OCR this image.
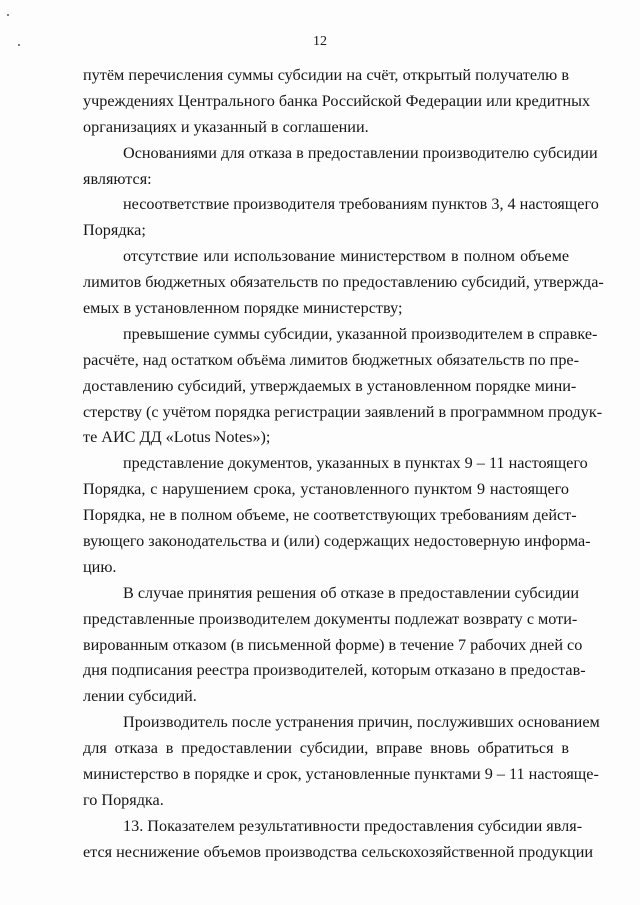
12
путём перечисления суммы субсидии на счёт, открытый получателю в
учреждениях Центрального банка Российской Федерации или кредитных
организациях и указанный в соглашении.
Основаниями для отказа в предоставлении производителю субсидии
являются:
несоответствие производителя требованиям пунктов 3, 4 настоящего
Порядка;
отсутствие или использование министерством в полном объеме
лимитов бюджетных обязательств по предоставлению субсидий, утвержда-
емых в установленном порядке министерству;
превышение суммы субсидии, указанной производителем в справке-
расчёте, над остатком объёма лимитов бюджетных обязательств по пре-
доставлению субсидий, утверждаемых в установленном порядке мини-
стерству (с учётом порядка регистрации заявлений в программном продук-
те АИС ДД «Lotus Notes»);
представление документов, указанных в пунктах 9 – 11 настоящего
Порядка, с нарушением срока, установленного пунктом 9 настоящего
Порядка, не в полном объеме, не соответствующих требованиям дейст-
вующего законодательства и (или) содержащих недостоверную информа-
цию.
В случае принятия решения об отказе в предоставлении субсидии
представленные производителем документы подлежат возврату с моти-
вированным отказом (в письменной форме) в течение 7 рабочих дней со
дня подписания реестра производителей, которым отказано в предостав-
лении субсидий.
Производитель после устранения причин, послуживших основанием
для отказа в предоставлении субсидии, вправе вновь обратиться в
министерство в порядке и срок, установленные пунктами 9 – 11 настояще-
го Порядка.
13. Показателем результативности предоставления субсидии явля-
ется неснижение объемов производства сельскохозяйственной продукции
